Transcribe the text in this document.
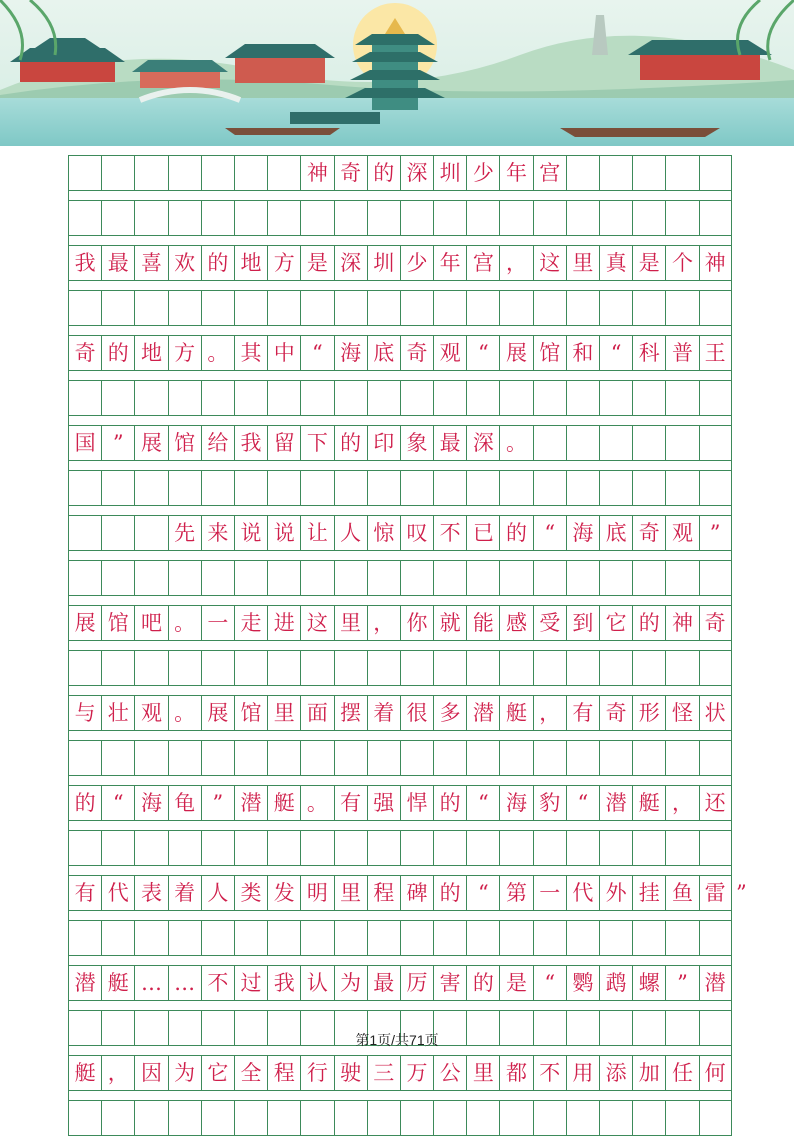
神 奇 的 深 圳 少 年 宫
我 最 喜 欢 的 地 方 是 深 圳 少 年 宫 ， 这 里 真 是 个 神
奇 的 地 方 。 其 中 “ 海 底 奇 观 “ 展 馆 和 “ 科 普 王
国 ” 展 馆 给 我 留 下 的 印 象 最 深 。
先 来 说 说 让 人 惊 叹 不 已 的 “ 海 底 奇 观 ”
展 馆 吧 。 一 走 进 这 里 ， 你 就 能 感 受 到 它 的 神 奇
与 壮 观 。 展 馆 里 面 摆 着 很 多 潜 艇 ， 有 奇 形 怪 状
的 “ 海 龟 ” 潜 艇 。 有 强 悍 的 “ 海 豹 “ 潜 艇 ， 还
有 代 表 着 人 类 发 明 里 程 碑 的 “ 第 一 代 外 挂 鱼 雷
潜 艇 … … 不 过 我 认 为 最 厉 害 的 是 “ 鹦 鹉 螺 ” 潜
艇 ， 因 为 它 全 程 行 驶 三 万 公 里 都 不 用 添 加 任 何
”
第1页/共71页
